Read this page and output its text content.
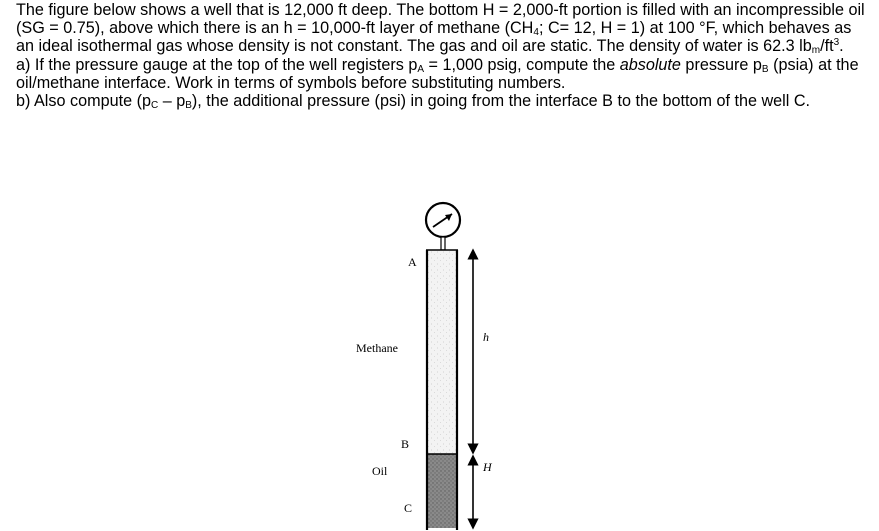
The figure below shows a well that is 12,000 ft deep. The bottom H = 2,000-ft portion is filled with an incompressible oil (SG = 0.75), above which there is an h = 10,000-ft layer of methane ($CH_4$; C= 12, H = 1) at 100 °F, which behaves as an ideal isothermal gas whose density is not constant. The gas and oil are static. The density of water is 62.3 $lb_m/ft^3$.

a) If the pressure gauge at the top of the well registers $p_A = 1,000$ psig, compute the absolute pressure $p_B$ (psia) at the oil/methane interface. Work in terms of symbols before substituting numbers.

b) Also compute $(p_C - p_B)$, the additional pressure (psi) in going from the interface B to the bottom of the well C.

A
Methane
h
B
Oil	H
C
